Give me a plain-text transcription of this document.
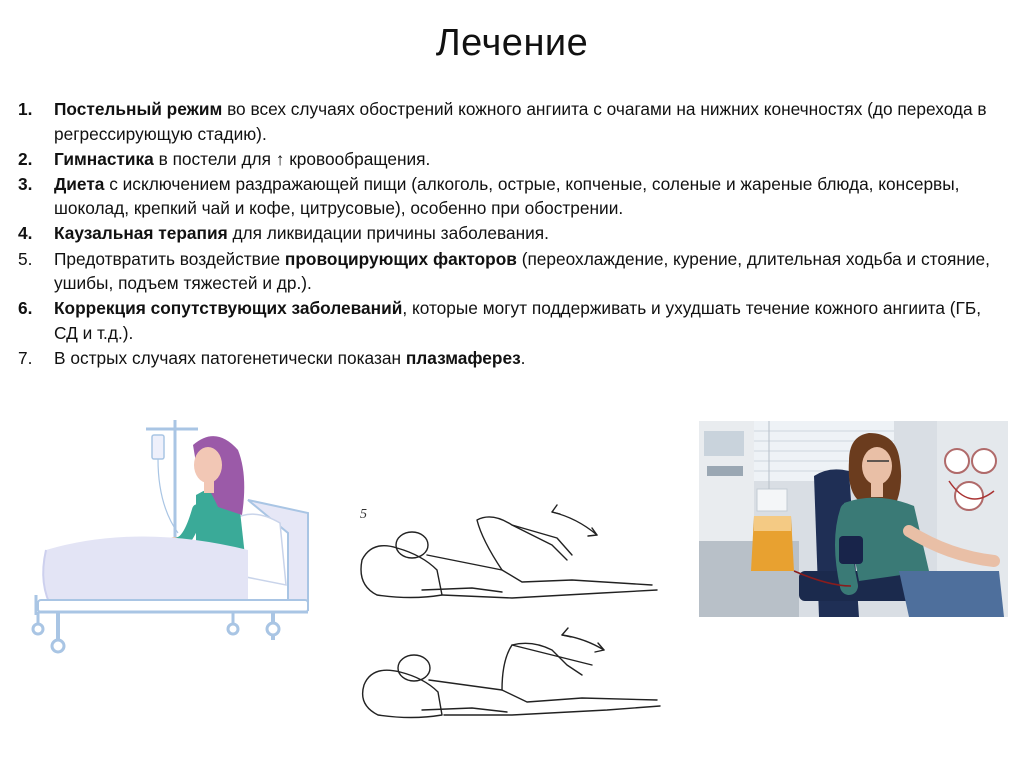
Лечение
1.	Постельный режим во всех случаях обострений кожного ангиита с очагами на нижних конечностях (до перехода в регрессирующую стадию).
2.	Гимнастика в постели для ↑ кровообращения.
3.	Диета с исключением раздражающей пищи (алкоголь, острые, копченые, соленые и жареные блюда, консервы, шоколад, крепкий чай и кофе, цитрусовые), особенно при обострении.
4.	Каузальная терапия для ликвидации причины заболевания.
5.	Предотвратить воздействие провоцирующих факторов (переохлаждение, курение, длительная ходьба и стояние, ушибы, подъем тяжестей и др.).
6.	Коррекция сопутствующих заболеваний, которые могут поддерживать и ухудшать течение кожного ангиита (ГБ, СД и т.д.).
7.	В острых случаях патогенетически показан плазмаферез.
5
